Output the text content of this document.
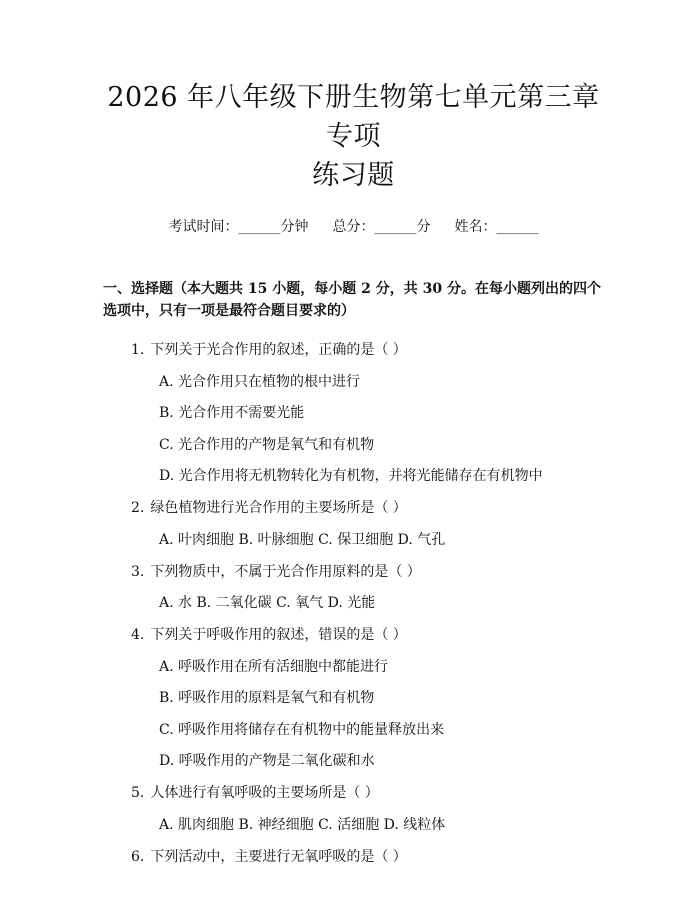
2026 年八年级下册生物第七单元第三章专项
练习题
考试时间：______分钟 总分：______分 姓名：______
一、选择题（本大题共 15 小题，每小题 2 分，共 30 分。在每小题列出的四个选项中，只有一项是最符合题目要求的）
1. 下列关于光合作用的叙述，正确的是（ ）
A. 光合作用只在植物的根中进行
B. 光合作用不需要光能
C. 光合作用的产物是氧气和有机物
D. 光合作用将无机物转化为有机物，并将光能储存在有机物中
2. 绿色植物进行光合作用的主要场所是（ ）
A. 叶肉细胞 B. 叶脉细胞 C. 保卫细胞 D. 气孔
3. 下列物质中，不属于光合作用原料的是（ ）
A. 水 B. 二氧化碳 C. 氧气 D. 光能
4. 下列关于呼吸作用的叙述，错误的是（ ）
A. 呼吸作用在所有活细胞中都能进行
B. 呼吸作用的原料是氧气和有机物
C. 呼吸作用将储存在有机物中的能量释放出来
D. 呼吸作用的产物是二氧化碳和水
5. 人体进行有氧呼吸的主要场所是（ ）
A. 肌肉细胞 B. 神经细胞 C. 活细胞 D. 线粒体
6. 下列活动中，主要进行无氧呼吸的是（ ）
